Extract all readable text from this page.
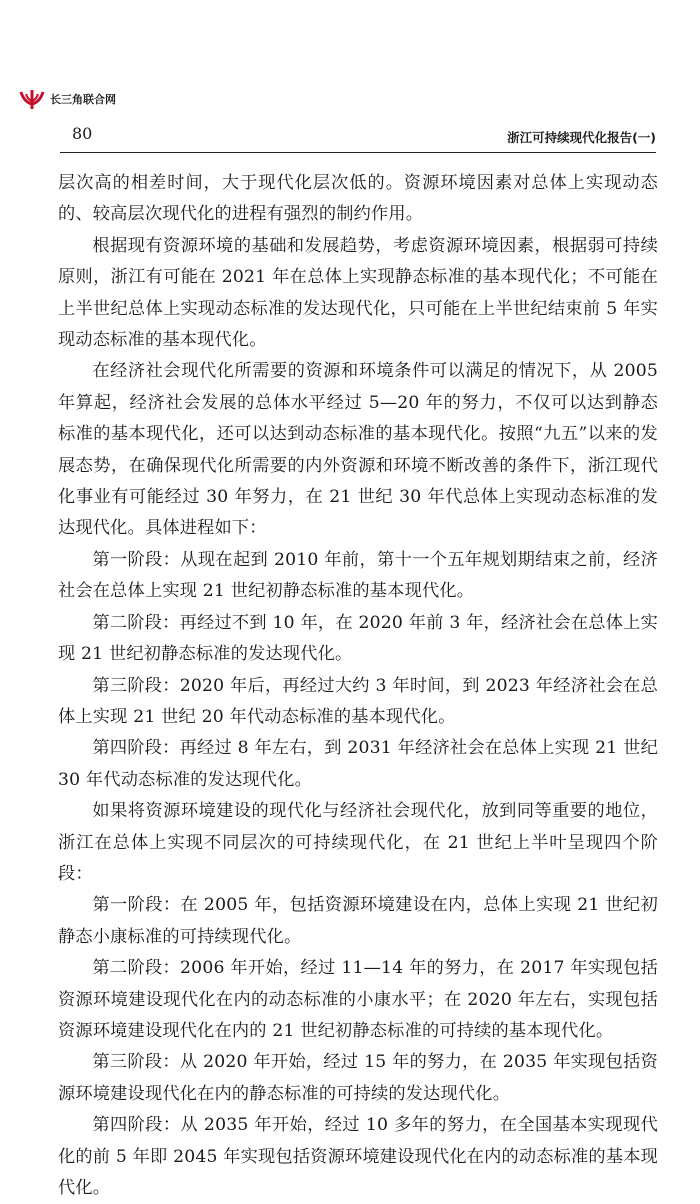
长三角联合网
80	浙江可持续现代化报告(一)

层次高的相差时间，大于现代化层次低的。资源环境因素对总体上实现动态的、较高层次现代化的进程有强烈的制约作用。

根据现有资源环境的基础和发展趋势，考虑资源环境因素，根据弱可持续原则，浙江有可能在 2021 年在总体上实现静态标准的基本现代化；不可能在上半世纪总体上实现动态标准的发达现代化，只可能在上半世纪结束前 5 年实现动态标准的基本现代化。

在经济社会现代化所需要的资源和环境条件可以满足的情况下，从 2005 年算起，经济社会发展的总体水平经过 5—20 年的努力，不仅可以达到静态标准的基本现代化，还可以达到动态标准的基本现代化。按照“九五”以来的发展态势，在确保现代化所需要的内外资源和环境不断改善的条件下，浙江现代化事业有可能经过 30 年努力，在 21 世纪 30 年代总体上实现动态标准的发达现代化。具体进程如下：

第一阶段：从现在起到 2010 年前，第十一个五年规划期结束之前，经济社会在总体上实现 21 世纪初静态标准的基本现代化。

第二阶段：再经过不到 10 年，在 2020 年前 3 年，经济社会在总体上实现 21 世纪初静态标准的发达现代化。

第三阶段：2020 年后，再经过大约 3 年时间，到 2023 年经济社会在总体上实现 21 世纪 20 年代动态标准的基本现代化。

第四阶段：再经过 8 年左右，到 2031 年经济社会在总体上实现 21 世纪 30 年代动态标准的发达现代化。

如果将资源环境建设的现代化与经济社会现代化，放到同等重要的地位，浙江在总体上实现不同层次的可持续现代化，在 21 世纪上半叶呈现四个阶段：

第一阶段：在 2005 年，包括资源环境建设在内，总体上实现 21 世纪初静态小康标准的可持续现代化。

第二阶段：2006 年开始，经过 11—14 年的努力，在 2017 年实现包括资源环境建设现代化在内的动态标准的小康水平；在 2020 年左右，实现包括资源环境建设现代化在内的 21 世纪初静态标准的可持续的基本现代化。

第三阶段：从 2020 年开始，经过 15 年的努力，在 2035 年实现包括资源环境建设现代化在内的静态标准的可持续的发达现代化。

第四阶段：从 2035 年开始，经过 10 多年的努力，在全国基本实现现代化的前 5 年即 2045 年实现包括资源环境建设现代化在内的动态标准的基本现代化。
